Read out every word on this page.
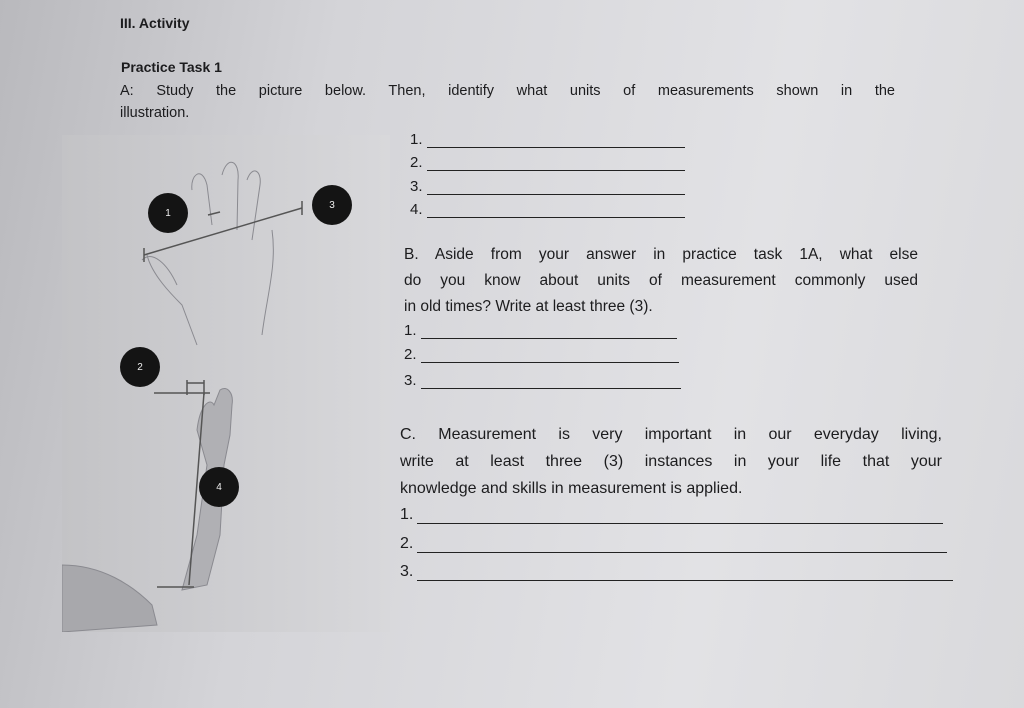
III. Activity
Practice Task 1
A: Study the picture below. Then, identify what units of measurements shown in the
illustration.
1.
2.
3.
4.
1
2
3
4
B. Aside from your answer in practice task 1A, what else
do you know about units of measurement commonly used
in old times? Write at least three (3).
1.
2.
3.
C. Measurement is very important in our everyday living,
write at least three (3) instances in your life that your
knowledge and skills in measurement is applied.
1.
2.
3.
